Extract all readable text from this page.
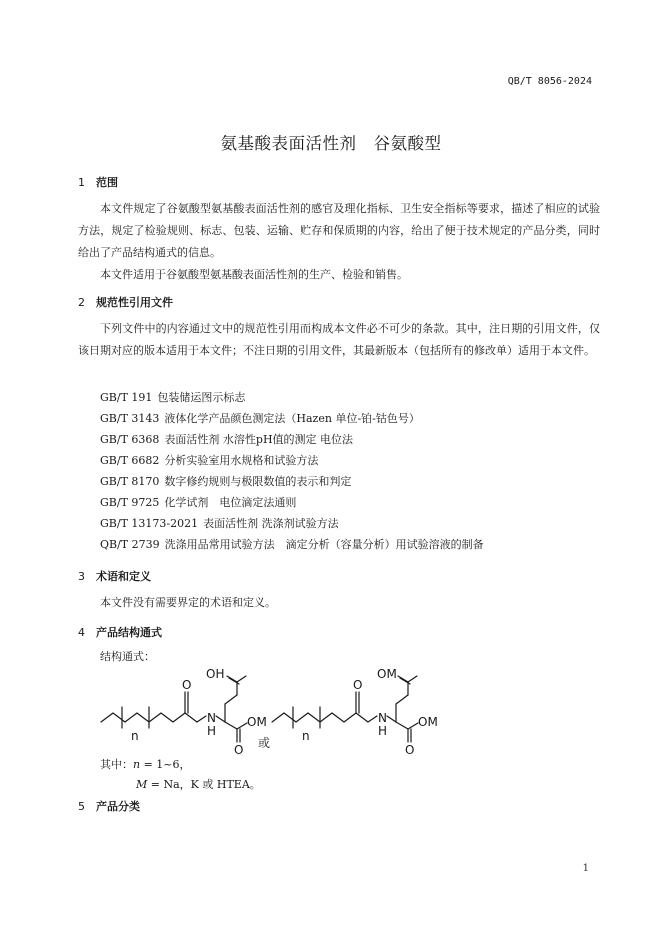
QB/T 8056-2024
氨基酸表面活性剂　谷氨酸型
1 范围
本文件规定了谷氨酸型氨基酸表面活性剂的感官及理化指标、卫生安全指标等要求，描述了相应的试验方法，规定了检验规则、标志、包装、运输、贮存和保质期的内容，给出了便于技术规定的产品分类，同时给出了产品结构通式的信息。
本文件适用于谷氨酸型氨基酸表面活性剂的生产、检验和销售。
2 规范性引用文件
下列文件中的内容通过文中的规范性引用而构成本文件必不可少的条款。其中，注日期的引用文件，仅该日期对应的版本适用于本文件；不注日期的引用文件，其最新版本（包括所有的修改单）适用于本文件。
GB/T 191 包装储运图示标志
GB/T 3143 液体化学产品颜色测定法（Hazen 单位-铂-钴色号）
GB/T 6368 表面活性剂 水溶性pH值的测定 电位法
GB/T 6682 分析实验室用水规格和试验方法
GB/T 8170 数字修约规则与极限数值的表示和判定
GB/T 9725 化学试剂　电位滴定法通则
GB/T 13173-2021 表面活性剂 洗涤剂试验方法
QB/T 2739 洗涤用品常用试验方法　滴定分析（容量分析）用试验溶液的制备
3 术语和定义
本文件没有需要界定的术语和定义。
4 产品结构通式
结构通式：
O
OH
N
H
OM
O
n	或
O
OM
N
H
OM
O
n
其中：n = 1~6，
M = Na，K 或 HTEA。
5 产品分类
1
